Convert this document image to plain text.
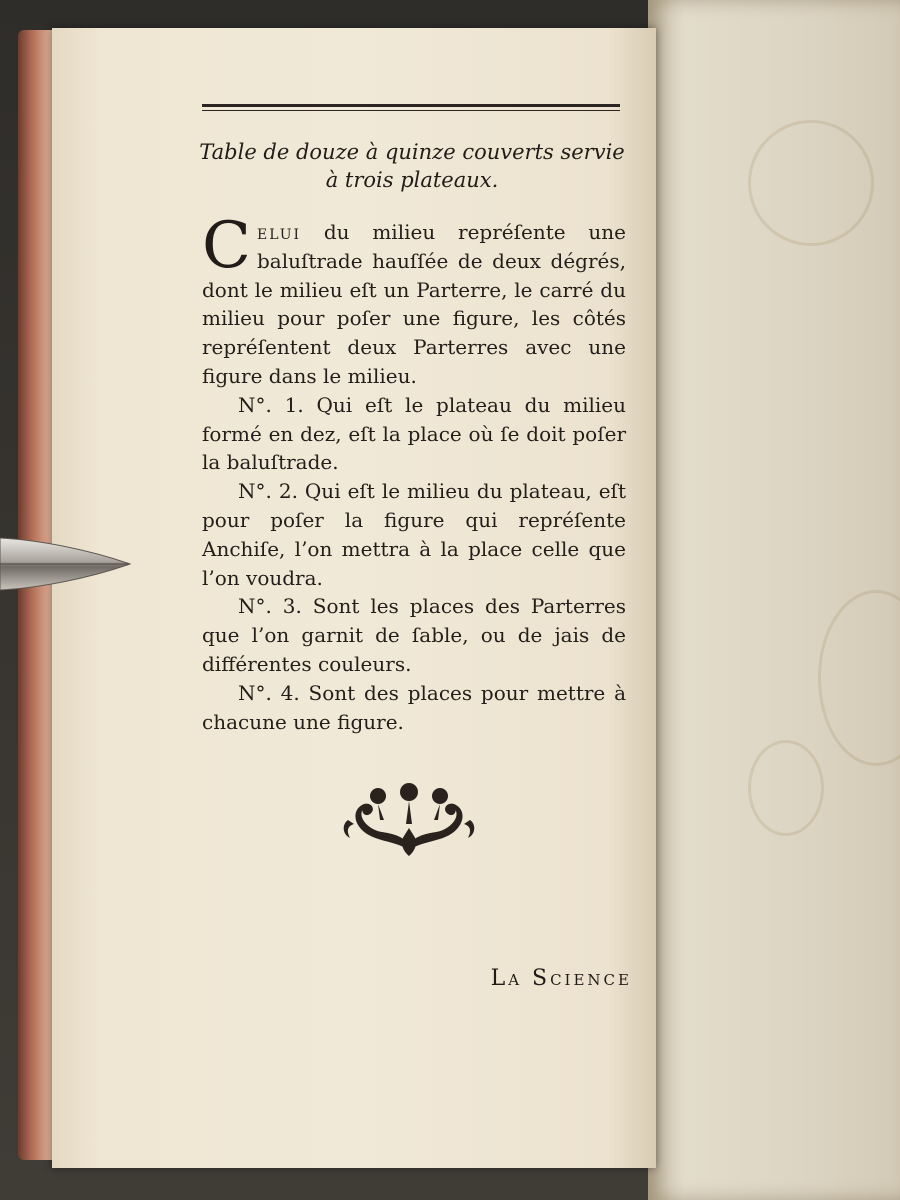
Table de douze à quinze couverts servie
à trois plateaux.

Celui du milieu repréſente une baluſtrade hauſſée de deux dégrés, dont le milieu eſt un Parterre, le carré du milieu pour poſer une figure, les côtés repréſentent deux Parterres avec une figure dans le milieu.

N°. 1. Qui eſt le plateau du milieu formé en dez, eſt la place où ſe doit poſer la baluſtrade.

N°. 2. Qui eſt le milieu du plateau, eſt pour poſer la figure qui repréſente Anchiſe, l’on mettra à la place celle que l’on voudra.

N°. 3. Sont les places des Parterres que l’on garnit de ſable, ou de jais de différentes couleurs.

N°. 4. Sont des places pour mettre à chacune une figure.

La Science
